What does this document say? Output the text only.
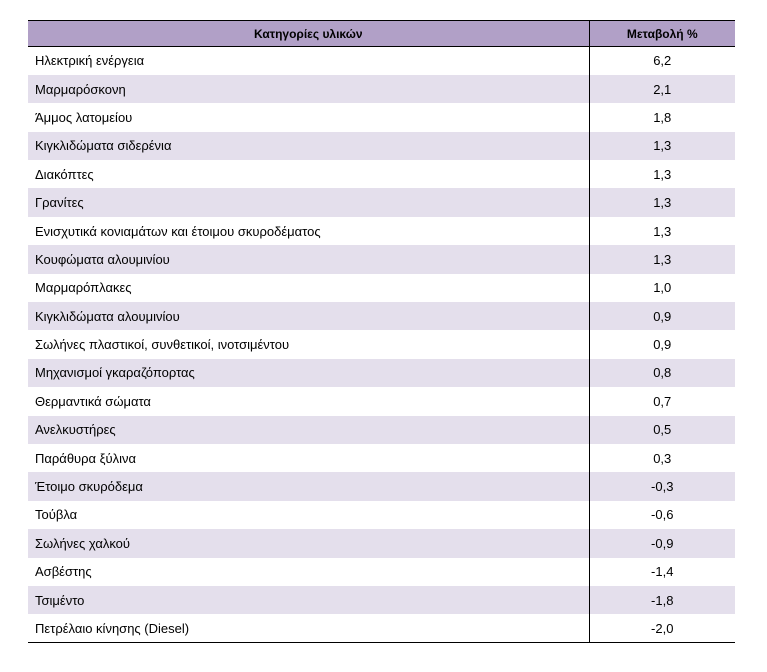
Κατηγορίες υλικών	Μεταβολή %
Ηλεκτρική ενέργεια	6,2
Μαρμαρόσκονη	2,1
Άμμος λατομείου	1,8
Κιγκλιδώματα σιδερένια	1,3
Διακόπτες	1,3
Γρανίτες	1,3
Ενισχυτικά κονιαμάτων και έτοιμου σκυροδέματος	1,3
Κουφώματα αλουμινίου	1,3
Μαρμαρόπλακες	1,0
Κιγκλιδώματα αλουμινίου	0,9
Σωλήνες πλαστικοί, συνθετικοί, ινοτσιμέντου	0,9
Μηχανισμοί γκαραζόπορτας	0,8
Θερμαντικά σώματα	0,7
Ανελκυστήρες	0,5
Παράθυρα ξύλινα	0,3
Έτοιμο σκυρόδεμα	-0,3
Τούβλα	-0,6
Σωλήνες χαλκού	-0,9
Ασβέστης	-1,4
Τσιμέντο	-1,8
Πετρέλαιο κίνησης (Diesel)	-2,0
